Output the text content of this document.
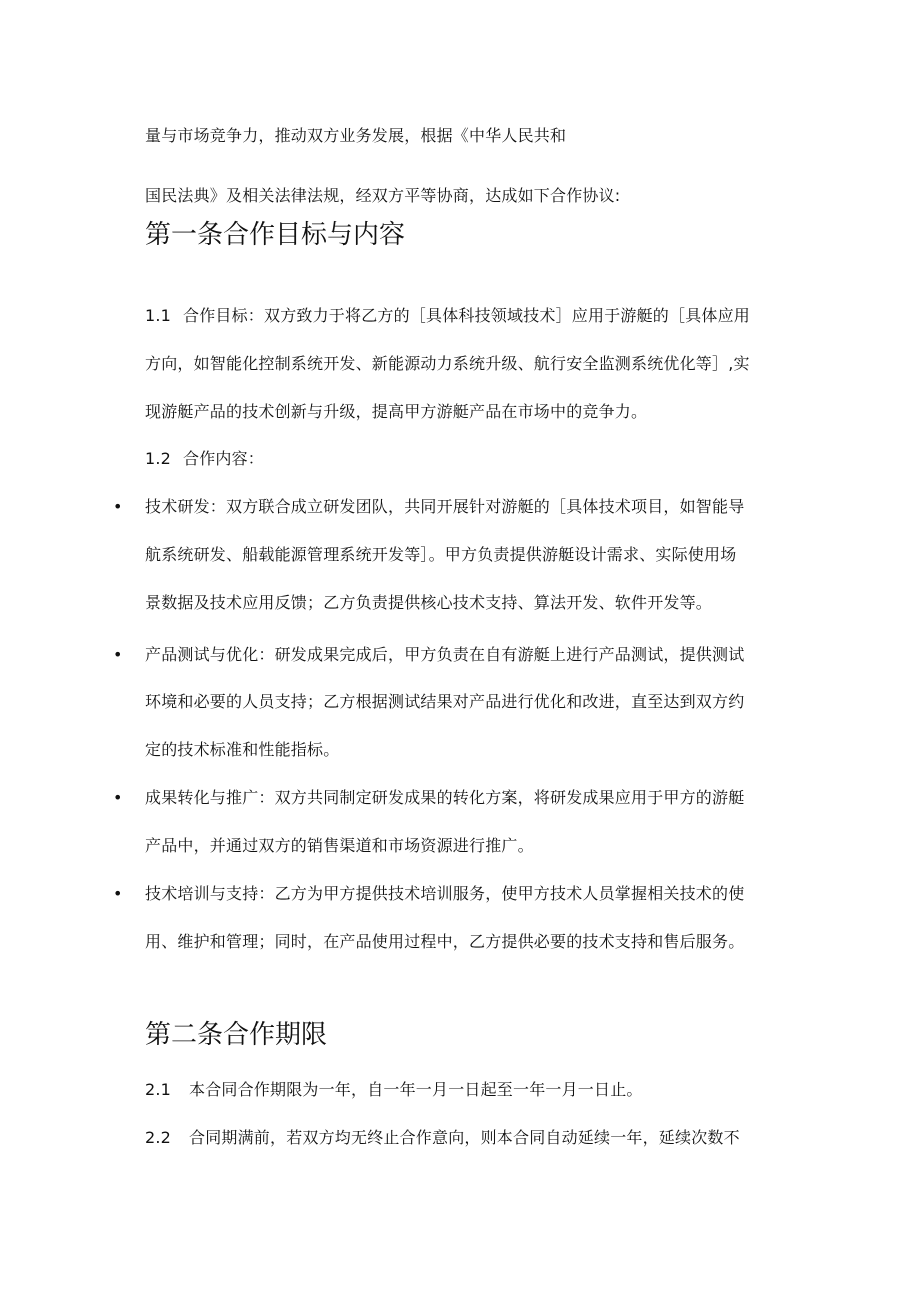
量与市场竞争力，推动双方业务发展，根据《中华人民共和
国民法典》及相关法律法规，经双方平等协商，达成如下合作协议:
第一条合作目标与内容
1.1 合作目标：双方致力于将乙方的［具体科技领域技术］应用于游艇的［具体应用
方向，如智能化控制系统开发、新能源动力系统升级、航行安全监测系统优化等］,实
现游艇产品的技术创新与升级，提高甲方游艇产品在市场中的竞争力。
1.2 合作内容：
• 技术研发：双方联合成立研发团队，共同开展针对游艇的［具体技术项目，如智能导
航系统研发、船载能源管理系统开发等］。甲方负责提供游艇设计需求、实际使用场
景数据及技术应用反馈；乙方负责提供核心技术支持、算法开发、软件开发等。
• 产品测试与优化：研发成果完成后，甲方负责在自有游艇上进行产品测试，提供测试
环境和必要的人员支持；乙方根据测试结果对产品进行优化和改进，直至达到双方约
定的技术标准和性能指标。
• 成果转化与推广：双方共同制定研发成果的转化方案，将研发成果应用于甲方的游艇
产品中，并通过双方的销售渠道和市场资源进行推广。
• 技术培训与支持：乙方为甲方提供技术培训服务，使甲方技术人员掌握相关技术的使
用、维护和管理；同时，在产品使用过程中，乙方提供必要的技术支持和售后服务。
第二条合作期限
2.1 本合同合作期限为一年，自一年一月一日起至一年一月一日止。
2.2 合同期满前，若双方均无终止合作意向，则本合同自动延续一年，延续次数不
